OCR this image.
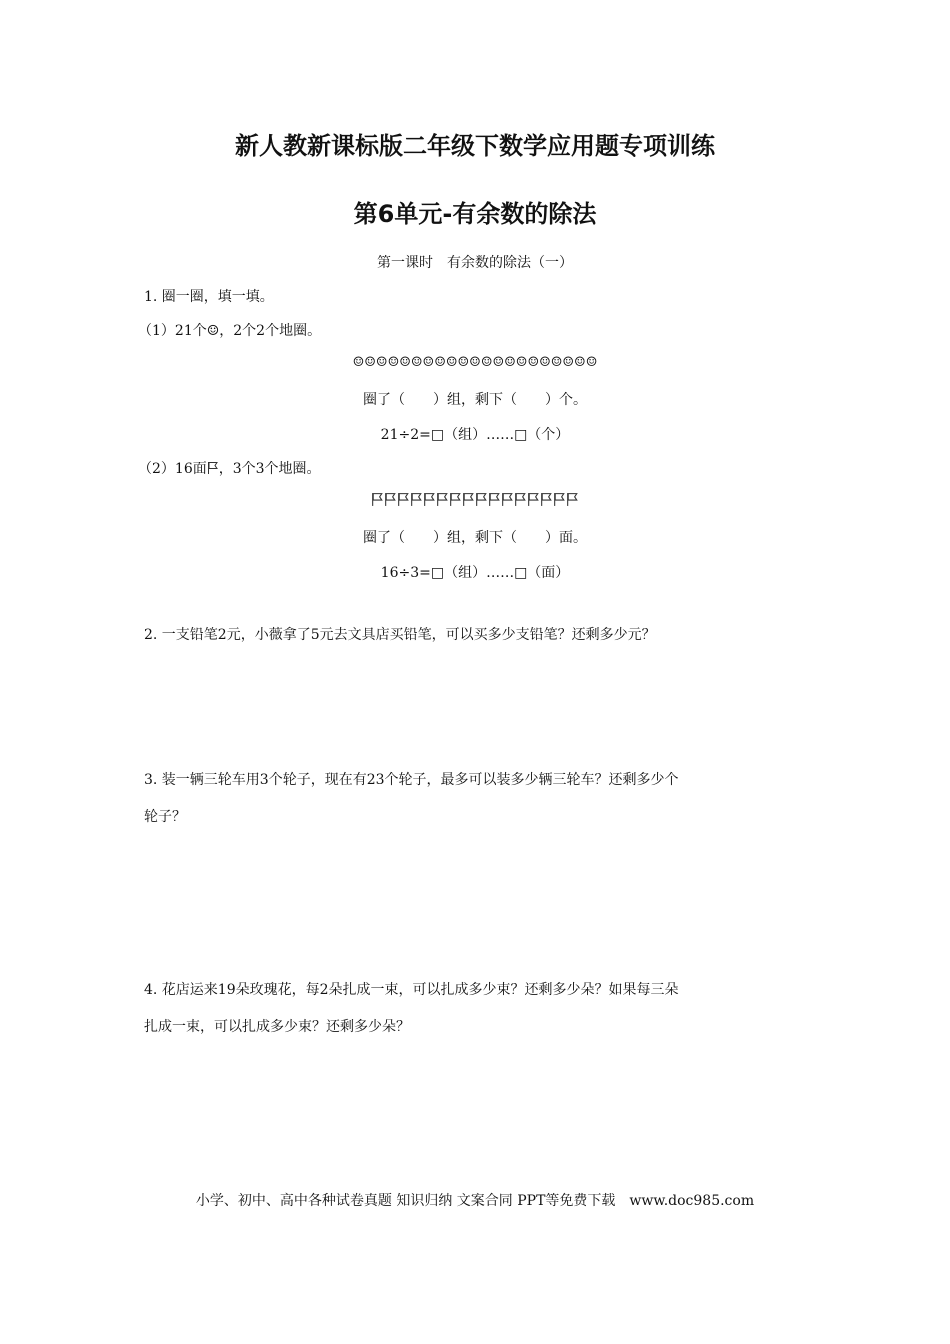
新人教新课标版二年级下数学应用题专项训练
第6单元-有余数的除法
第一课时　有余数的除法（一）
1. 圈一圈，填一填。
（1）21个☺，2个2个地圈。
☺☺☺☺☺☺☺☺☺☺☺☺☺☺☺☺☺☺☺☺☺
圈了（　　）组，剩下（　　）个。
21÷2=□（组）……□（个）
（2）16面 ，3个3个地圈。
圈了（　　）组，剩下（　　）面。
16÷3=□（组）……□（面）
2. 一支铅笔2元，小薇拿了5元去文具店买铅笔，可以买多少支铅笔？还剩多少元？
3. 装一辆三轮车用3个轮子，现在有23个轮子，最多可以装多少辆三轮车？还剩多少个
轮子？
4. 花店运来19朵玫瑰花，每2朵扎成一束，可以扎成多少束？还剩多少朵？如果每三朵
扎成一束，可以扎成多少束？还剩多少朵？
小学、初中、高中各种试卷真题 知识归纳 文案合同 PPT等免费下载　www.doc985.com
